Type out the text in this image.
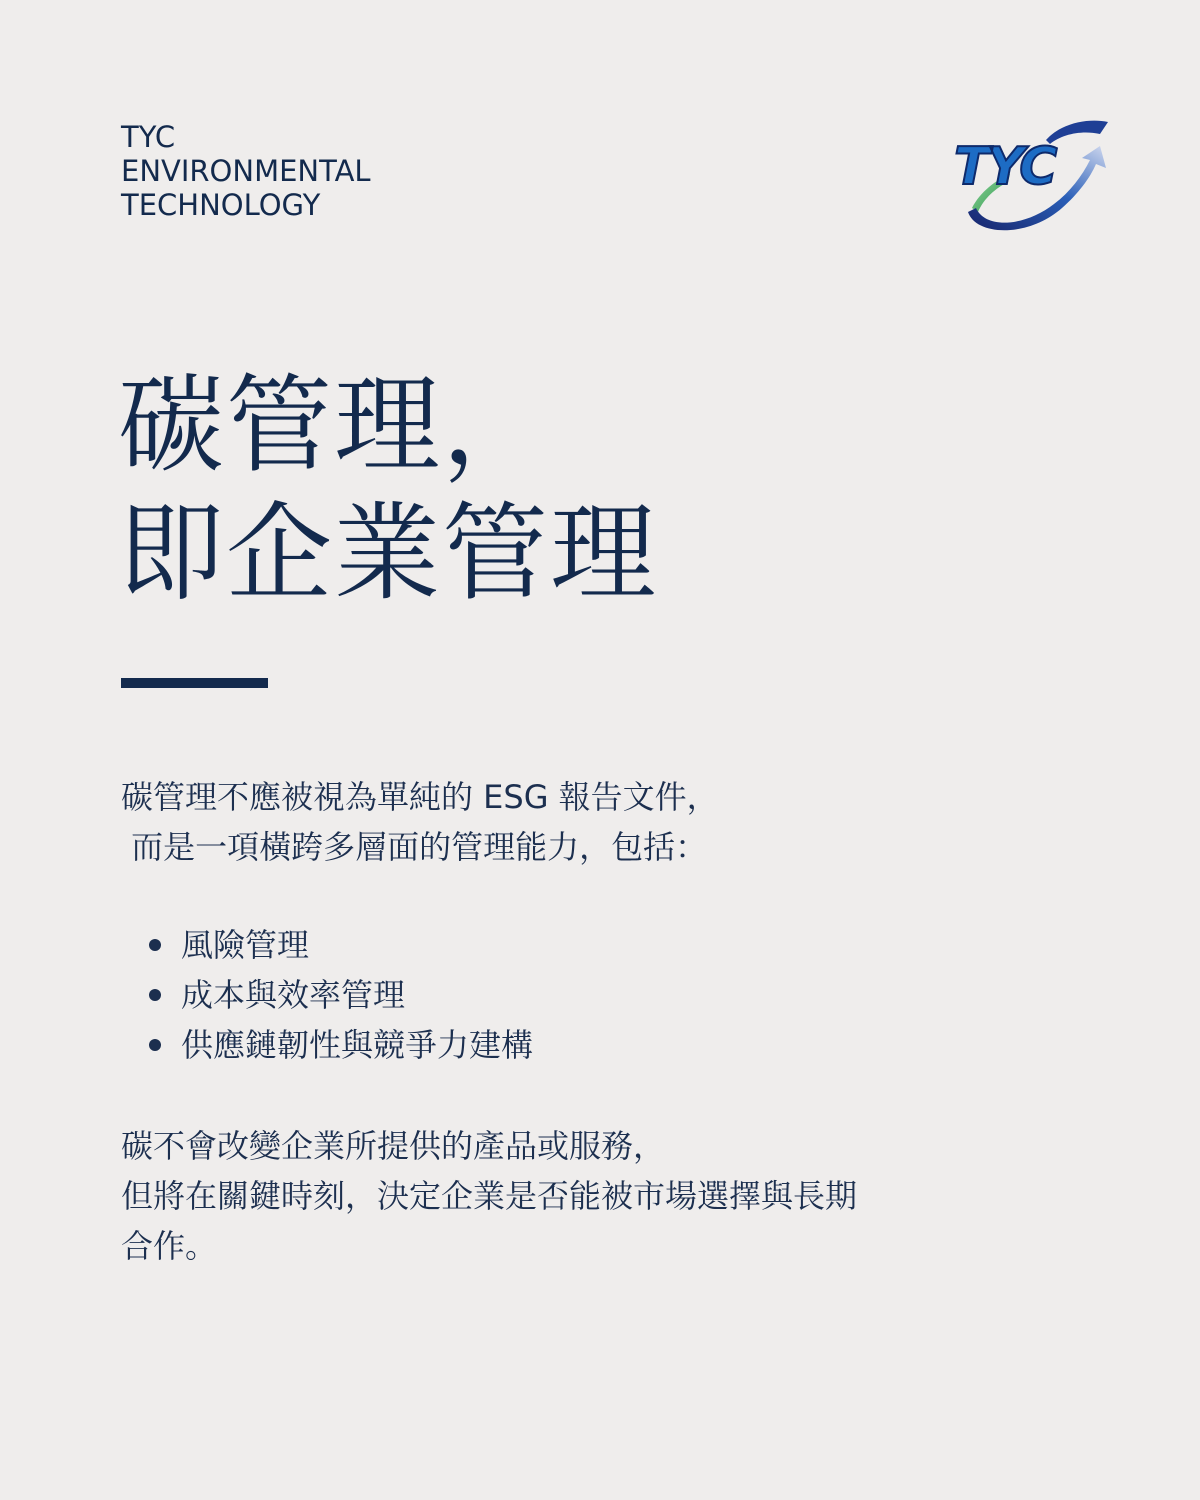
TYC
ENVIRONMENTAL
TECHNOLOGY
TYC
碳管理，
即企業管理
碳管理不應被視為單純的 ESG 報告文件，
而是一項橫跨多層面的管理能力，包括：
風險管理
成本與效率管理
供應鏈韌性與競爭力建構
碳不會改變企業所提供的產品或服務，
但將在關鍵時刻，決定企業是否能被市場選擇與長期
合作。
